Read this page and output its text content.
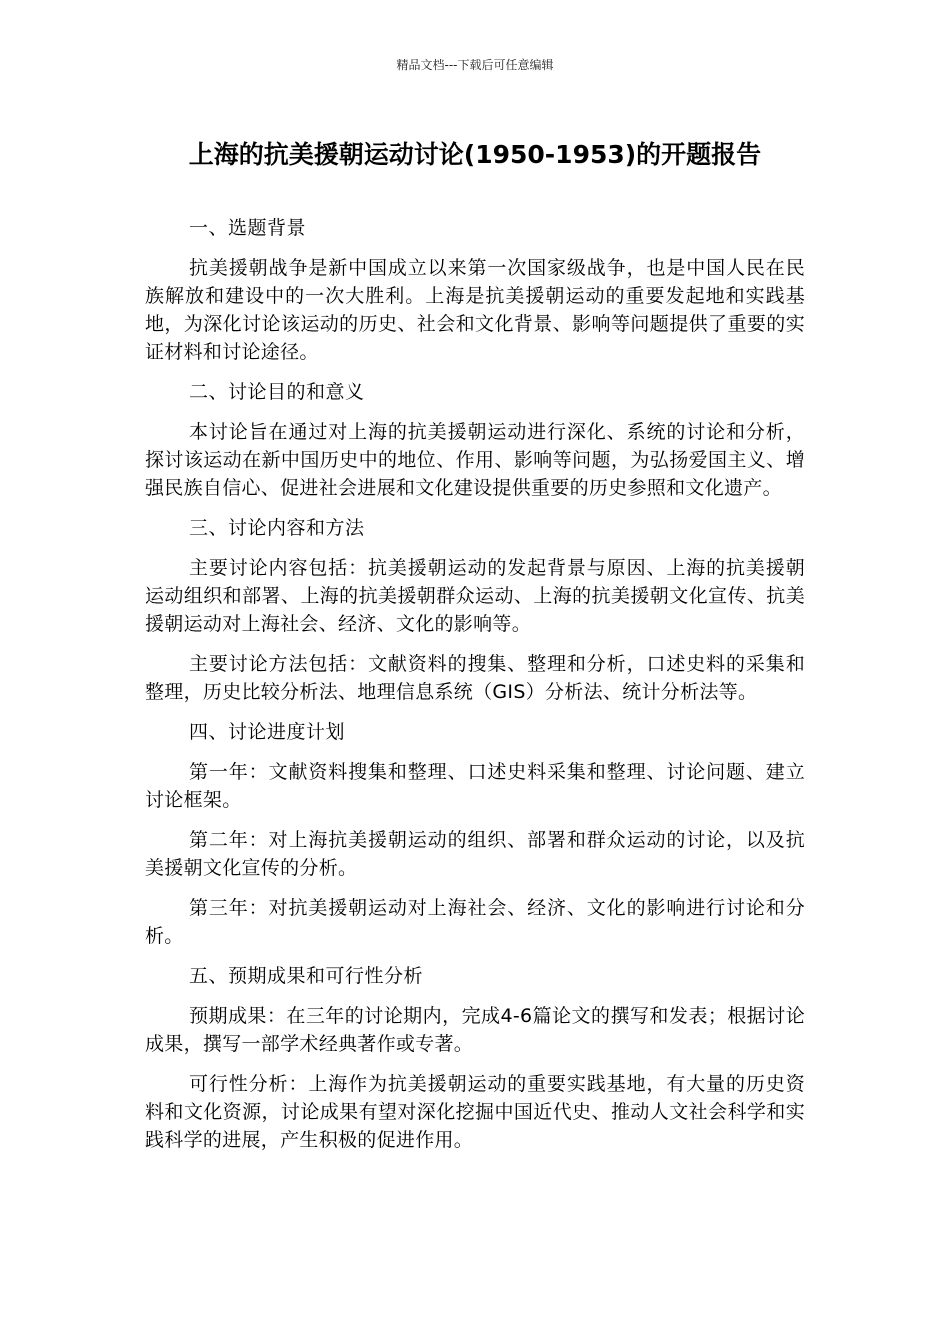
精品文档---下载后可任意编辑
上海的抗美援朝运动讨论(1950-1953)的开题报告

一、选题背景

抗美援朝战争是新中国成立以来第一次国家级战争，也是中国人民在民族解放和建设中的一次大胜利。上海是抗美援朝运动的重要发起地和实践基地，为深化讨论该运动的历史、社会和文化背景、影响等问题提供了重要的实证材料和讨论途径。

二、讨论目的和意义

本讨论旨在通过对上海的抗美援朝运动进行深化、系统的讨论和分析，探讨该运动在新中国历史中的地位、作用、影响等问题，为弘扬爱国主义、增强民族自信心、促进社会进展和文化建设提供重要的历史参照和文化遗产。

三、讨论内容和方法

主要讨论内容包括：抗美援朝运动的发起背景与原因、上海的抗美援朝运动组织和部署、上海的抗美援朝群众运动、上海的抗美援朝文化宣传、抗美援朝运动对上海社会、经济、文化的影响等。

主要讨论方法包括：文献资料的搜集、整理和分析，口述史料的采集和整理，历史比较分析法、地理信息系统（GIS）分析法、统计分析法等。

四、讨论进度计划

第一年：文献资料搜集和整理、口述史料采集和整理、讨论问题、建立讨论框架。

第二年：对上海抗美援朝运动的组织、部署和群众运动的讨论，以及抗美援朝文化宣传的分析。

第三年：对抗美援朝运动对上海社会、经济、文化的影响进行讨论和分析。

五、预期成果和可行性分析

预期成果：在三年的讨论期内，完成4-6篇论文的撰写和发表；根据讨论成果，撰写一部学术经典著作或专著。

可行性分析：上海作为抗美援朝运动的重要实践基地，有大量的历史资料和文化资源，讨论成果有望对深化挖掘中国近代史、推动人文社会科学和实践科学的进展，产生积极的促进作用。
